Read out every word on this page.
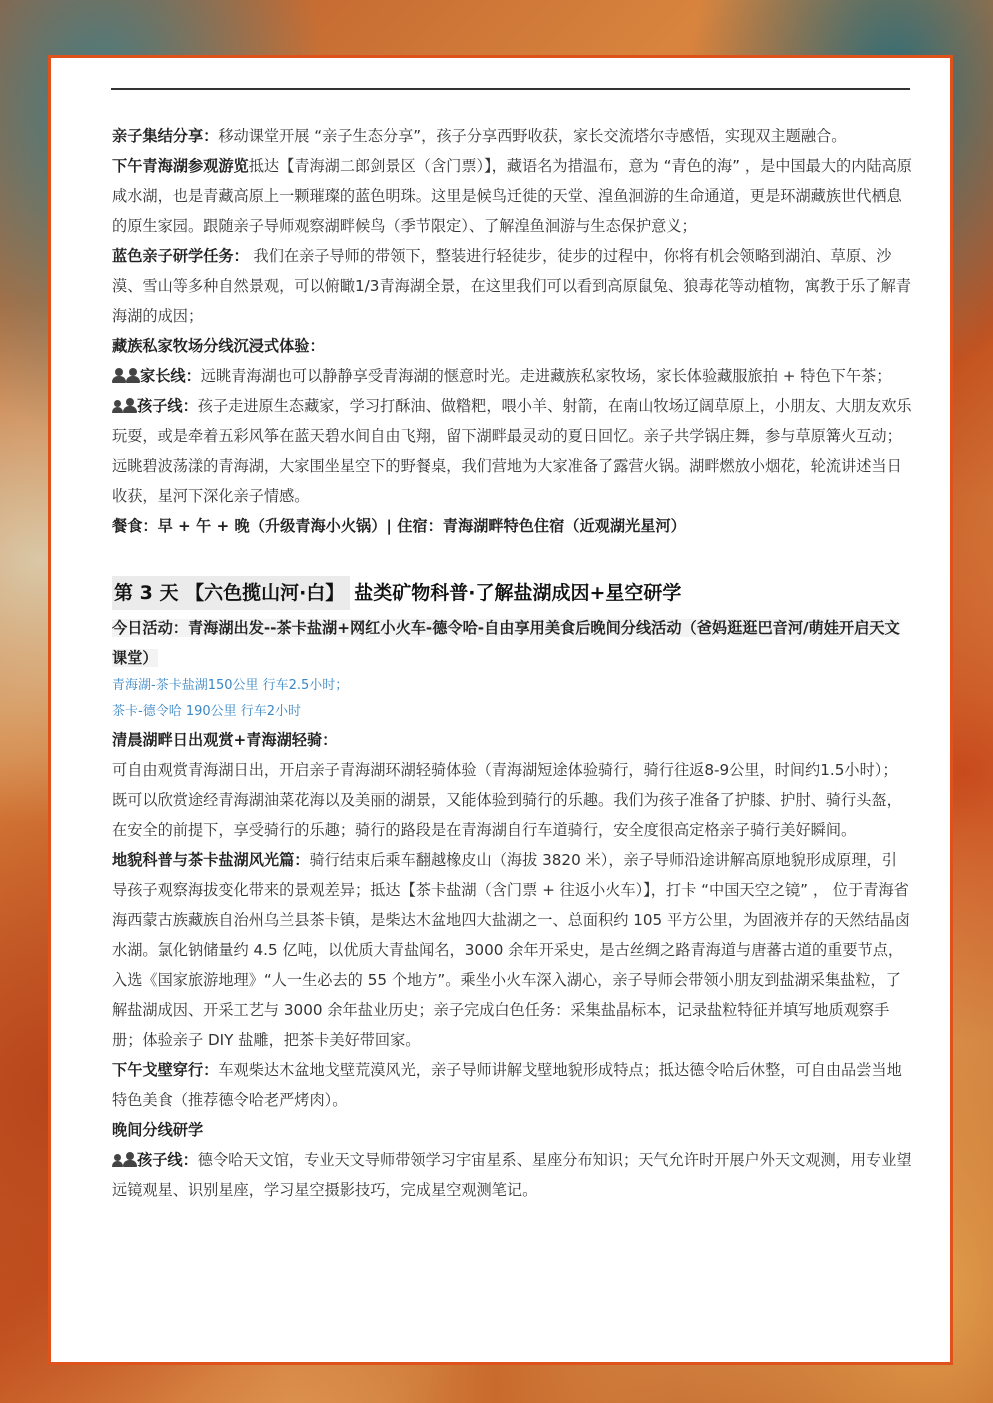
亲子集结分享：移动课堂开展 “亲子生态分享”，孩子分享西野收获，家长交流塔尔寺感悟，实现双主题融合。

下午青海湖参观游览抵达【青海湖二郎剑景区（含门票）】，藏语名为措温布，意为 “青色的海” ，是中国最大的内陆高原咸水湖，也是青藏高原上一颗璀璨的蓝色明珠。这里是候鸟迁徙的天堂、湟鱼洄游的生命通道，更是环湖藏族世代栖息的原生家园。跟随亲子导师观察湖畔候鸟（季节限定）、了解湟鱼洄游与生态保护意义；

蓝色亲子研学任务： 我们在亲子导师的带领下，整装进行轻徒步，徒步的过程中，你将有机会领略到湖泊、草原、沙漠、雪山等多种自然景观，可以俯瞰1/3青海湖全景，在这里我们可以看到高原鼠兔、狼毒花等动植物，寓教于乐了解青海湖的成因；

藏族私家牧场分线沉浸式体验：

家长线：远眺青海湖也可以静静享受青海湖的惬意时光。走进藏族私家牧场，家长体验藏服旅拍 + 特色下午茶；

孩子线：孩子走进原生态藏家，学习打酥油、做糌粑，喂小羊、射箭，在南山牧场辽阔草原上，小朋友、大朋友欢乐玩耍，或是牵着五彩风筝在蓝天碧水间自由飞翔，留下湖畔最灵动的夏日回忆。亲子共学锅庄舞，参与草原篝火互动；远眺碧波荡漾的青海湖，大家围坐星空下的野餐桌，我们营地为大家准备了露营火锅。湖畔燃放小烟花，轮流讲述当日收获，星河下深化亲子情感。

餐食：早 + 午 + 晚（升级青海小火锅）| 住宿：青海湖畔特色住宿（近观湖光星河）

第 3 天 【六色揽山河·白】 盐类矿物科普·了解盐湖成因+星空研学

今日活动：青海湖出发--茶卡盐湖+网红小火车-德令哈-自由享用美食后晚间分线活动（爸妈逛逛巴音河/萌娃开启天文课堂）

青海湖-茶卡盐湖150公里 行车2.5小时；

茶卡-德令哈 190公里 行车2小时

清晨湖畔日出观赏+青海湖轻骑：

可自由观赏青海湖日出，开启亲子青海湖环湖轻骑体验（青海湖短途体验骑行，骑行往返8-9公里，时间约1.5小时）；既可以欣赏途经青海湖油菜花海以及美丽的湖景，又能体验到骑行的乐趣。我们为孩子准备了护膝、护肘、骑行头盔，在安全的前提下，享受骑行的乐趣；骑行的路段是在青海湖自行车道骑行，安全度很高定格亲子骑行美好瞬间。

地貌科普与茶卡盐湖风光篇：骑行结束后乘车翻越橡皮山（海拔 3820 米），亲子导师沿途讲解高原地貌形成原理，引导孩子观察海拔变化带来的景观差异；抵达【茶卡盐湖（含门票 + 往返小火车）】，打卡 “中国天空之镜” ， 位于青海省海西蒙古族藏族自治州乌兰县茶卡镇，是柴达木盆地四大盐湖之一、总面积约 105 平方公里，为固液并存的天然结晶卤水湖。氯化钠储量约 4.5 亿吨，以优质大青盐闻名，3000 余年开采史，是古丝绸之路青海道与唐蕃古道的重要节点，入选《国家旅游地理》“人一生必去的 55 个地方”。乘坐小火车深入湖心，亲子导师会带领小朋友到盐湖采集盐粒，了解盐湖成因、开采工艺与 3000 余年盐业历史；亲子完成白色任务：采集盐晶标本，记录盐粒特征并填写地质观察手册；体验亲子 DIY 盐雕，把茶卡美好带回家。

下午戈壁穿行：车观柴达木盆地戈壁荒漠风光，亲子导师讲解戈壁地貌形成特点；抵达德令哈后休整，可自由品尝当地特色美食（推荐德令哈老严烤肉）。

晚间分线研学

孩子线：德令哈天文馆，专业天文导师带领学习宇宙星系、星座分布知识；天气允许时开展户外天文观测，用专业望远镜观星、识别星座，学习星空摄影技巧，完成星空观测笔记。
